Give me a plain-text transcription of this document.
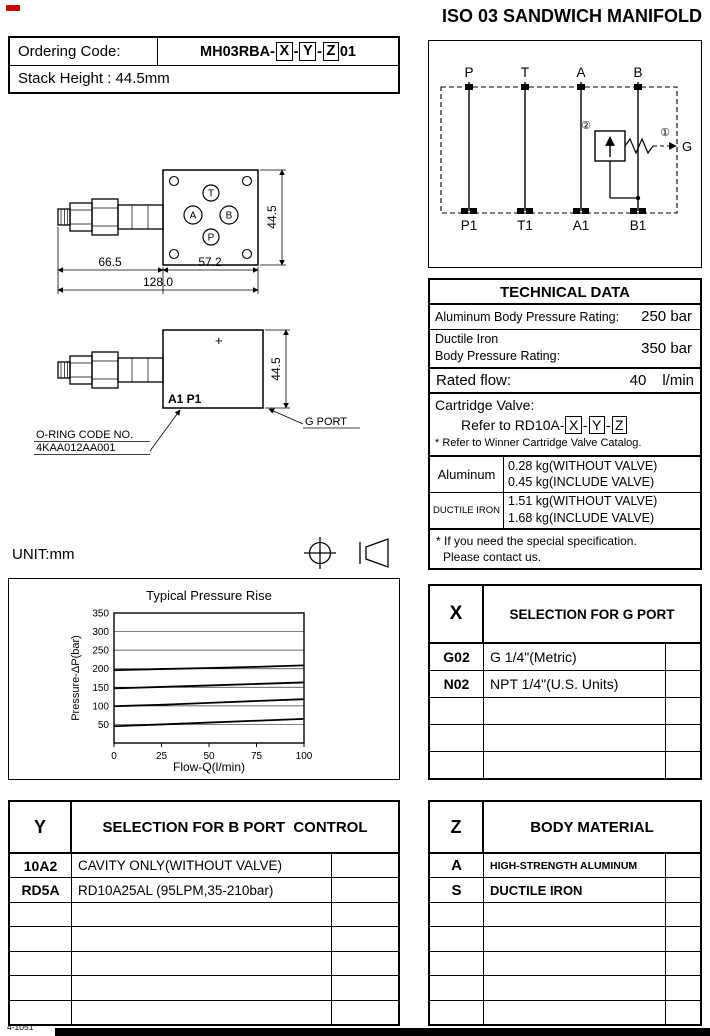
ISO 03 SANDWICH MANIFOLD
Ordering Code:	MH03RBA- X - Y - Z 01
Stack Height : 44.5mm	P	T	A	B
P1	T1	A1	B1
G
②
①
T
A	B
P
66.5	57.2
128.0
44.5
+
A1 P1
44.5
G PORT
O-RING CODE NO.
4KAA012AA001
UNIT:mm
TECHNICAL DATA
Aluminum Body Pressure Rating:	250 bar
Ductile Iron
Body Pressure Rating:	350 bar
Rated flow:	40 l/min
Cartridge Valve:
Refer to RD10A- X - Y - Z
* Refer to Winner Cartridge Valve Catalog.
Aluminum
0.28 kg(WITHOUT VALVE)
0.45 kg(INCLUDE VALVE)
DUCTILE IRON
1.51 kg(WITHOUT VALVE)
1.68 kg(INCLUDE VALVE)
* If you need the special specification.
Please contact us.
Typical Pressure Rise
Pressure-ΔP(bar)
Flow-Q(l/min)
50
100
150
200
250
300
350
0	25	50	75	100
X	SELECTION FOR G PORT
G02	G 1/4"(Metric)
N02	NPT 1/4"(U.S. Units)
Y	SELECTION FOR B PORT  CONTROL
10A2	CAVITY ONLY(WITHOUT VALVE)
RD5A	RD10A25AL (95LPM,35-210bar)
Z	BODY MATERIAL
A	HIGH-STRENGTH ALUMINUM
S	DUCTILE IRON
4-1051
